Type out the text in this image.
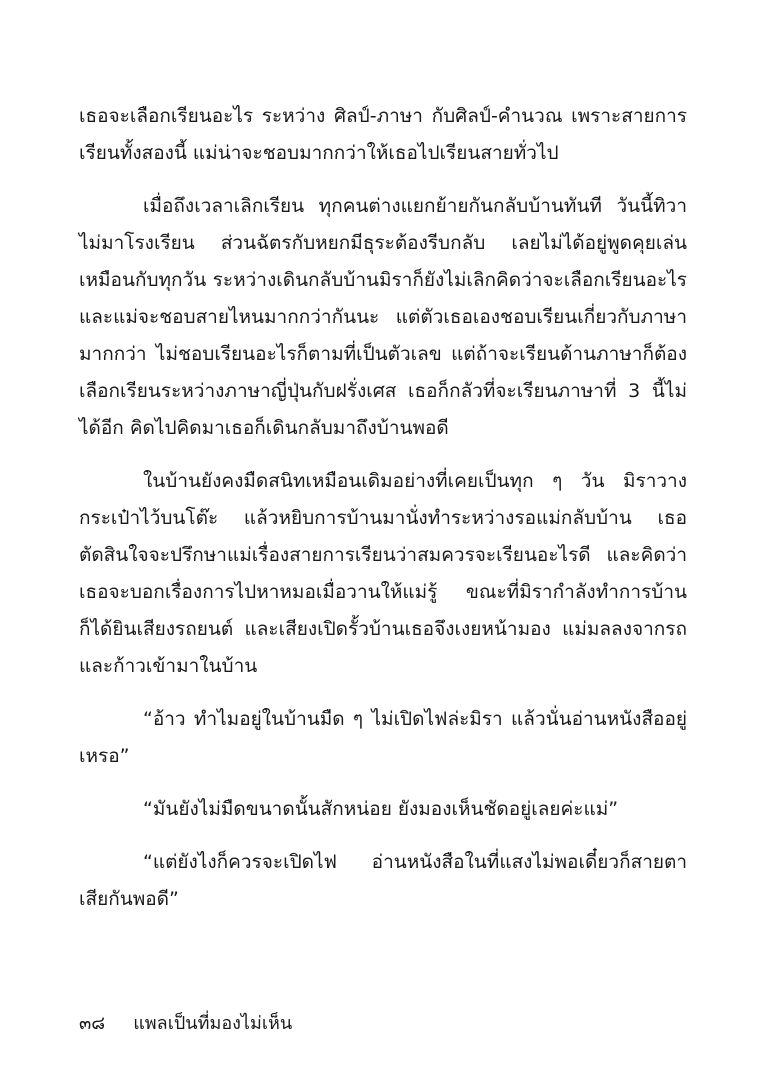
เธอจะเลือกเรียนอะไร ระหว่าง ศิลป์-ภาษา กับศิลป์-คำนวณ เพราะสายการเรียนทั้งสองนี้ แม่น่าจะชอบมากกว่าให้เธอไปเรียนสายทั่วไป

เมื่อถึงเวลาเลิกเรียน ทุกคนต่างแยกย้ายกันกลับบ้านทันที วันนี้ทิวาไม่มาโรงเรียน ส่วนฉัตรกับหยกมีธุระต้องรีบกลับ เลยไม่ได้อยู่พูดคุยเล่นเหมือนกับทุกวัน ระหว่างเดินกลับบ้านมิราก็ยังไม่เลิกคิดว่าจะเลือกเรียนอะไรและแม่จะชอบสายไหนมากกว่ากันนะ แต่ตัวเธอเองชอบเรียนเกี่ยวกับภาษามากกว่า ไม่ชอบเรียนอะไรก็ตามที่เป็นตัวเลข แต่ถ้าจะเรียนด้านภาษาก็ต้องเลือกเรียนระหว่างภาษาญี่ปุ่นกับฝรั่งเศส เธอก็กลัวที่จะเรียนภาษาที่ 3 นี้ไม่ได้อีก คิดไปคิดมาเธอก็เดินกลับมาถึงบ้านพอดี

ในบ้านยังคงมืดสนิทเหมือนเดิมอย่างที่เคยเป็นทุก ๆ วัน มิราวางกระเป๋าไว้บนโต๊ะ แล้วหยิบการบ้านมานั่งทำระหว่างรอแม่กลับบ้าน เธอตัดสินใจจะปรึกษาแม่เรื่องสายการเรียนว่าสมควรจะเรียนอะไรดี และคิดว่าเธอจะบอกเรื่องการไปหาหมอเมื่อวานให้แม่รู้ ขณะที่มิรากำลังทำการบ้านก็ได้ยินเสียงรถยนต์ และเสียงเปิดรั้วบ้านเธอจึงเงยหน้ามอง แม่มลลงจากรถและก้าวเข้ามาในบ้าน

“อ้าว ทำไมอยู่ในบ้านมืด ๆ ไม่เปิดไฟล่ะมิรา แล้วนั่นอ่านหนังสืออยู่เหรอ”

“มันยังไม่มืดขนาดนั้นสักหน่อย ยังมองเห็นชัดอยู่เลยค่ะแม่”

“แต่ยังไงก็ควรจะเปิดไฟ อ่านหนังสือในที่แสงไม่พอเดี๋ยวก็สายตาเสียกันพอดี”

๓๘ แพลเป็นที่มองไม่เห็น
